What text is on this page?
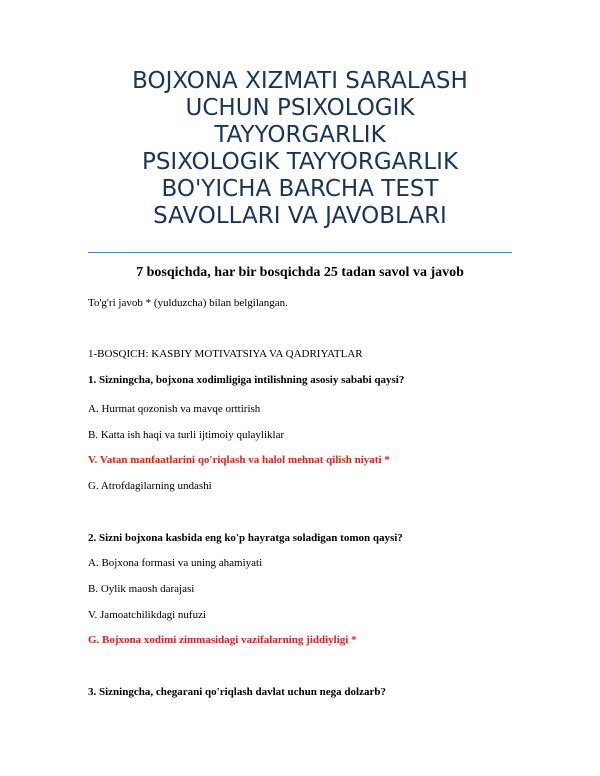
BOJXONA XIZMATI SARALASH
UCHUN PSIXOLOGIK
TAYYORGARLIK
PSIXOLOGIK TAYYORGARLIK
BO'YICHA BARCHA TEST
SAVOLLARI VA JAVOBLARI
7 bosqichda, har bir bosqichda 25 tadan savol va javob

To'g'ri javob * (yulduzcha) bilan belgilangan.

1-BOSQICH: KASBIY MOTIVATSIYA VA QADRIYATLAR

1. Sizningcha, bojxona xodimligiga intilishning asosiy sababi qaysi?

A. Hurmat qozonish va mavqe orttirish

B. Katta ish haqi va turli ijtimoiy qulayliklar

V. Vatan manfaatlarini qo'riqlash va halol mehnat qilish niyati *

G. Atrofdagilarning undashi

2. Sizni bojxona kasbida eng ko'p hayratga soladigan tomon qaysi?

A. Bojxona formasi va uning ahamiyati

B. Oylik maosh darajasi

V. Jamoatchilikdagi nufuzi

G. Bojxona xodimi zimmasidagi vazifalarning jiddiyligi *

3. Sizningcha, chegarani qo'riqlash davlat uchun nega dolzarb?
